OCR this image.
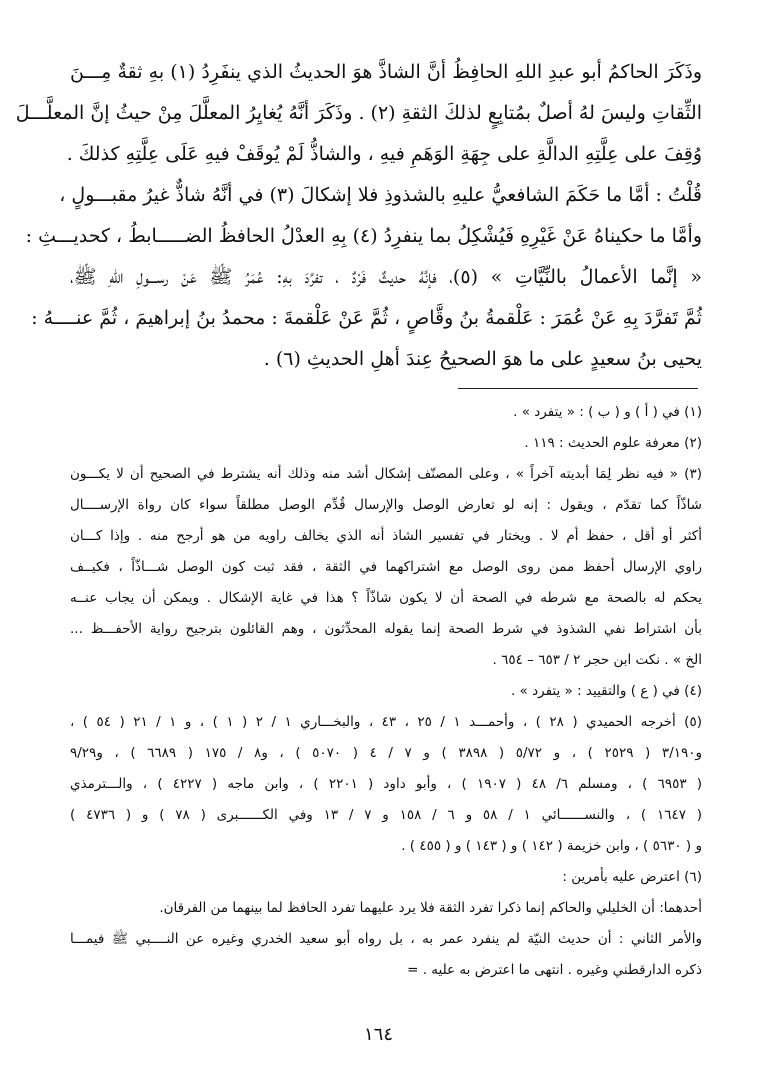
وذَكَرَ الحاكمُ أبو عبدِ اللهِ الحافِظُ أنَّ الشاذَّ هوَ الحديثُ الذي ينفَرِدُ (١) بهِ ثقةٌ مِـــنَ
الثِّقاتِ وليسَ لهُ أصلٌ بمُتابِعٍ لذلكَ الثقةِ (٢) . وذَكَرَ أنَّهُ يُغايِرُ المعلَّلَ مِنْ حيثُ إنَّ المعلَّـــلَ
وُقِفَ على عِلَّتِهِ الدالَّةِ على جِهَةِ الوَهَمِ فيهِ ، والشاذُّ لَمْ يُوقَفْ فيهِ عَلَى عِلَّتِهِ كذلكَ .
قُلْتُ : أمَّا ما حَكَمَ الشافعيُّ عليهِ بالشذوذِ فلا إشكالَ (٣) في أنَّهُ شاذٌّ غيرُ مقبـــولٍ ،
وأمَّا ما حكيناهُ عَنْ غَيْرِهِ فَيُشْكِلُ بما ينفرِدُ (٤) بِهِ العدْلُ الحافظُ الضـــــابطُ ، كحديـــثِ :
« إنَّما الأعمالُ بالنِّيَّاتِ » (٥)، فإنَّهُ حديثٌ فَرْدٌ ، تفرَّدَ بهِ: عُمَرُ ﷺ عَنْ رســـولِ اللهِ ﷺ،
ثُمَّ تَفرَّدَ بِهِ عَنْ عُمَرَ : عَلْقمةُ بنُ وقَّاصٍ ، ثُمَّ عَنْ عَلْقمةَ : محمدُ بنُ إبراهيمَ ، ثُمَّ عنــــهُ :
يحيى بنُ سعيدٍ على ما هوَ الصحيحُ عِندَ أهلِ الحديثِ (٦) .
(١) في ( أ ) و ( ب ) : « يتفرد » .
(٢) معرفة علوم الحديث : ١١٩ .
(٣) « فيه نظر لِمَا أبديته آخراً » ، وعلى المصنّف إشكال أشد منه وذلك أنه يشترط في الصحيح أن لا يكـــون
شاذّاً كما تقدّم ، ويقول : إنه لو تعارض الوصل والإرسال قُدِّم الوصل مطلقاً سواء كان رواة الإرســــال
أكثر أو أقل ، حفظ أم لا . ويختار في تفسير الشاذ أنه الذي يخالف راويه من هو أرجح منه . وإذا كـــان
راوي الإرسال أحفظ ممن روى الوصل مع اشتراكهما في الثقة ، فقد ثبت كون الوصل شـــاذّاً ، فكيــف
يحكم له بالصحة مع شرطه في الصحة أن لا يكون شاذّاً ؟ هذا في غاية الإشكال . ويمكن أن يجاب عنــه
بأن اشتراط نفي الشذوذ في شرط الصحة إنما يقوله المحدِّثون ، وهم القائلون بترجيح رواية الأحفـــظ ...
الخ » . نكت ابن حجر ٢ / ٦٥٣ – ٦٥٤ .
(٤) في ( ع ) والتقييد : « يتفرد » .
(٥) أخرجه الحميدي ( ٢٨ ) ، وأحمـــد ١ / ٢٥ ، ٤٣ ، والبخـــاري ١ / ٢ ( ١ ) ، و ١ / ٢١ ( ٥٤ ) ،
و٣/١٩٠ ( ٢٥٢٩ ) ، و ٥/٧٢ ( ٣٨٩٨ ) و ٧ / ٤ ( ٥٠٧٠ ) ، و٨ / ١٧٥ ( ٦٦٨٩ ) ، و٩/٢٩
( ٦٩٥٣ ) ، ومسلم ٦/ ٤٨ ( ١٩٠٧ ) ، وأبو داود ( ٢٢٠١ ) ، وابن ماجه ( ٤٢٢٧ ) ، والـــترمذي
( ١٦٤٧ ) ، والنســــــائي ١ / ٥٨ و ٦ / ١٥٨ و ٧ / ١٣ وفي الكــــــبرى ( ٧٨ ) و ( ٤٧٣٦ )
و ( ٥٦٣٠ ) ، وابن خزيمة ( ١٤٢ ) و ( ١٤٣ ) و ( ٤٥٥ ) .
(٦) اعترض عليه بأمرين :
أحدهما: أن الخليلي والحاكم إنما ذكرا تفرد الثقة فلا يرد عليهما تفرد الحافظ لما بينهما من الفرقان.
والأمر الثاني : أن حديث النيّة لم ينفرد عمر به ، بل رواه أبو سعيد الخدري وغيره عن النــــبي ﷺ فيمـــا
ذكره الدارقطني وغيره . انتهى ما اعترض به عليه . =
١٦٤
